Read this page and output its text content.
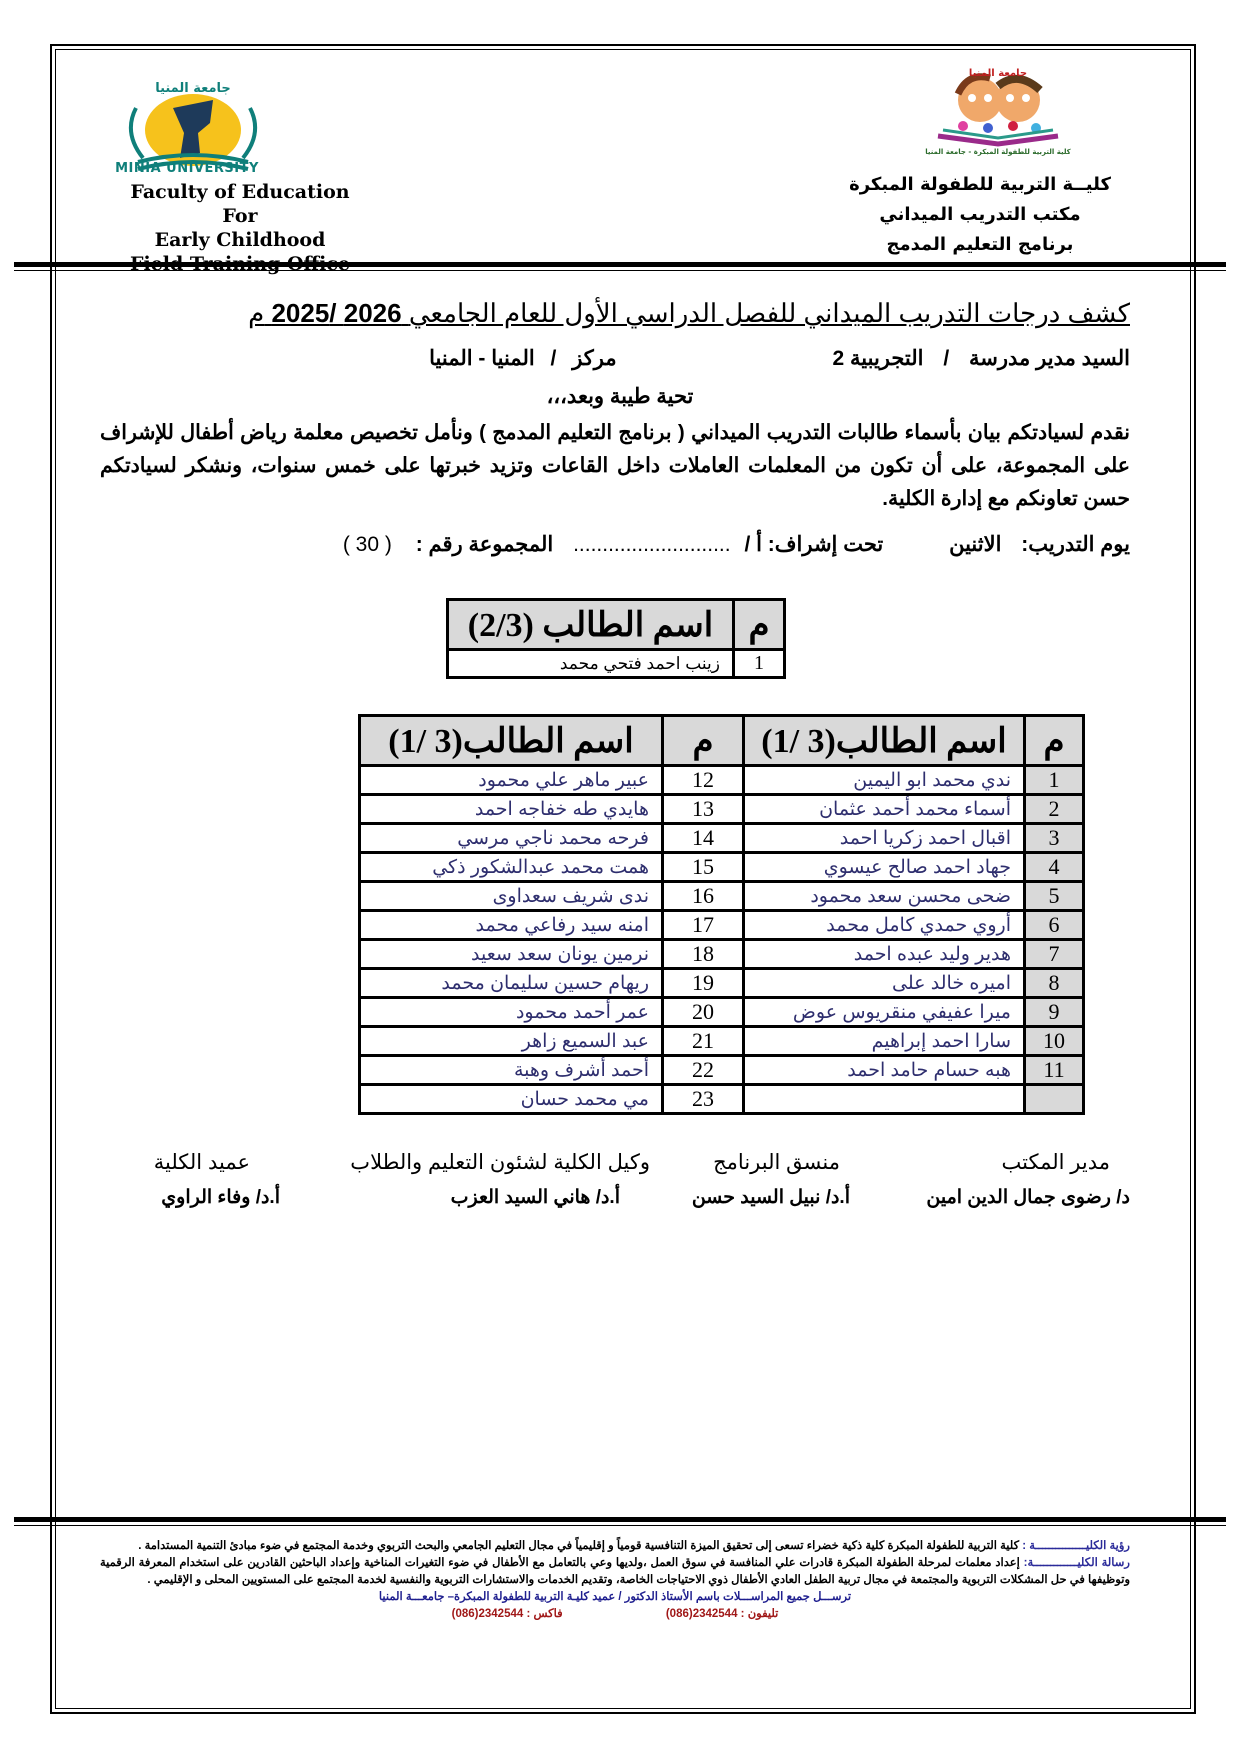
جامعة المنيا
MINIA UNIVERSITY
Faculty of Education For
Early Childhood
جامعة المنيا
كلية التربية للطفولة المبكرة - جامعة المنيا
كليــة التربية للطفولة المبكرة
مكتب التدريب الميداني
برنامج التعليم المدمج
كشف درجات التدريب الميداني للفصل الدراسي الأول للعام الجامعي 2026 /2025 م
السيد مدير مدرسة / التجريبية 2 مركز / المنيا - المنيا
تحية طيبة وبعد،،،
نقدم لسيادتكم بيان بأسماء طالبات التدريب الميداني ( برنامج التعليم المدمج ) ونأمل تخصيص معلمة رياض أطفال للإشراف على المجموعة، على أن تكون من المعلمات العاملات داخل القاعات وتزيد خبرتها على خمس سنوات، ونشكر لسيادتكم حسن تعاونكم مع إدارة الكلية.
يوم التدريب: الاثنين تحت إشراف: أ / ........................... المجموعة رقم : ( 30 )
م	اسم الطالب (2/3)
1	زينب احمد فتحي محمد
م	اسم الطالب(3 /1)	م	اسم الطالب(3 /1)
1	ندي محمد ابو اليمين	12	عبير ماهر علي محمود
2	أسماء محمد أحمد عثمان	13	هايدي طه خفاجه احمد
3	اقبال احمد زكريا احمد	14	فرحه محمد ناجي مرسي
4	جهاد احمد صالح عيسوي	15	همت محمد عبدالشكور ذكي
5	ضحى محسن سعد محمود	16	ندى شريف سعداوى
6	أروي حمدي كامل محمد	17	امنه سيد رفاعي محمد
7	هدير وليد عبده احمد	18	نرمين يونان سعد سعيد
8	اميره خالد على	19	ريهام حسين سليمان محمد
9	ميرا عفيفي منقريوس عوض	20	عمر أحمد محمود
10	سارا احمد إبراهيم	21	عبد السميع زاهر
11	هبه حسام حامد احمد	22	أحمد أشرف وهبة
		23	مي محمد حسان
مدير المكتب
منسق البرنامج
وكيل الكلية لشئون التعليم والطلاب
عميد الكلية
د/ رضوى جمال الدين امين
أ.د/ نبيل السيد حسن
أ.د/ هاني السيد العزب
أ.د/ وفاء الراوي
رؤية الكليـــــــــــــــة : كلية التربية للطفولة المبكرة كلية ذكية خضراء تسعى إلى تحقيق الميزة التنافسية قومياً و إقليمياً في مجال التعليم الجامعي والبحث التربوي وخدمة المجتمع في ضوء مبادئ التنمية المستدامة .
رسالة الكليـــــــــــــة: إعداد معلمات لمرحلة الطفولة المبكرة قادرات علي المنافسة في سوق العمل ،ولديها وعي بالتعامل مع الأطفال في ضوء التغيرات المناخية وإعداد الباحثين القادرين على استخدام المعرفة الرقمية وتوظيفها في حل المشكلات التربوية والمجتمعة في مجال تربية الطفل العادي الأطفال ذوي الاحتياجات الخاصة، وتقديم الخدمات والاستشارات التربوية والنفسية لخدمة المجتمع على المستويين المحلى و الإقليمي .
ترســـل جميع المراســـلات باسم الأستاذ الدكتور / عميد كليـة التربية للطفولة المبكرة– جامعـــة المنيا
تليفون : 2342544(086) فاكس : 2342544(086)
